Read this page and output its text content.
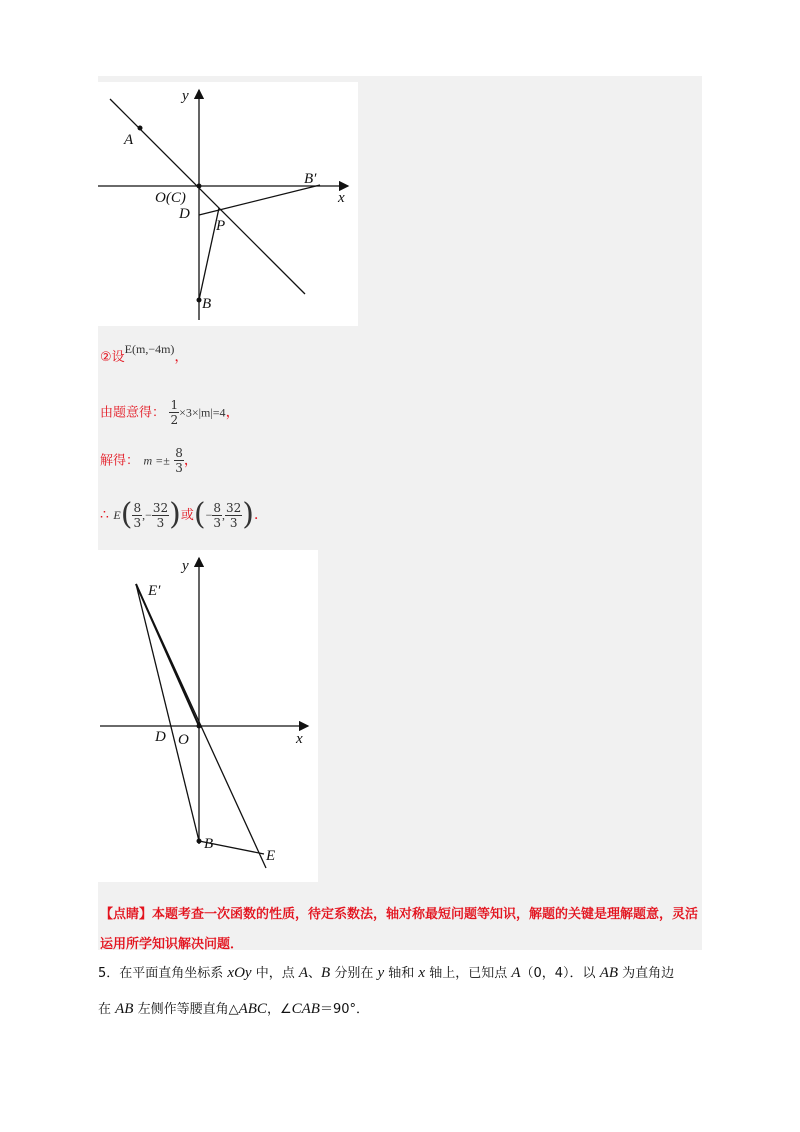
y
x
A
O(C)
D
P
B′
B
②设E(m,−4m)，
由题意得： $\frac{1}{2} \times 3\times|m|=4$，
解得： $m =\pm \frac{8}{3}$ ，
∴ $E( \frac{8}{3}$ ,− $\frac{32}{3}$ )或(− $\frac{8}{3}$ , $\frac{32}{3}$ )．
y
x
E′
D O
B
E
【点睛】本题考查一次函数的性质，待定系数法，轴对称最短问题等知识，解题的关键是理解题意，灵活运用所学知识解决问题．
5．在平面直角坐标系 xOy 中，点 A、B 分别在 y 轴和 x 轴上，已知点 A（0，4）．以 AB 为直角边
在 AB 左侧作等腰直角△ABC，∠CAB＝90°．
